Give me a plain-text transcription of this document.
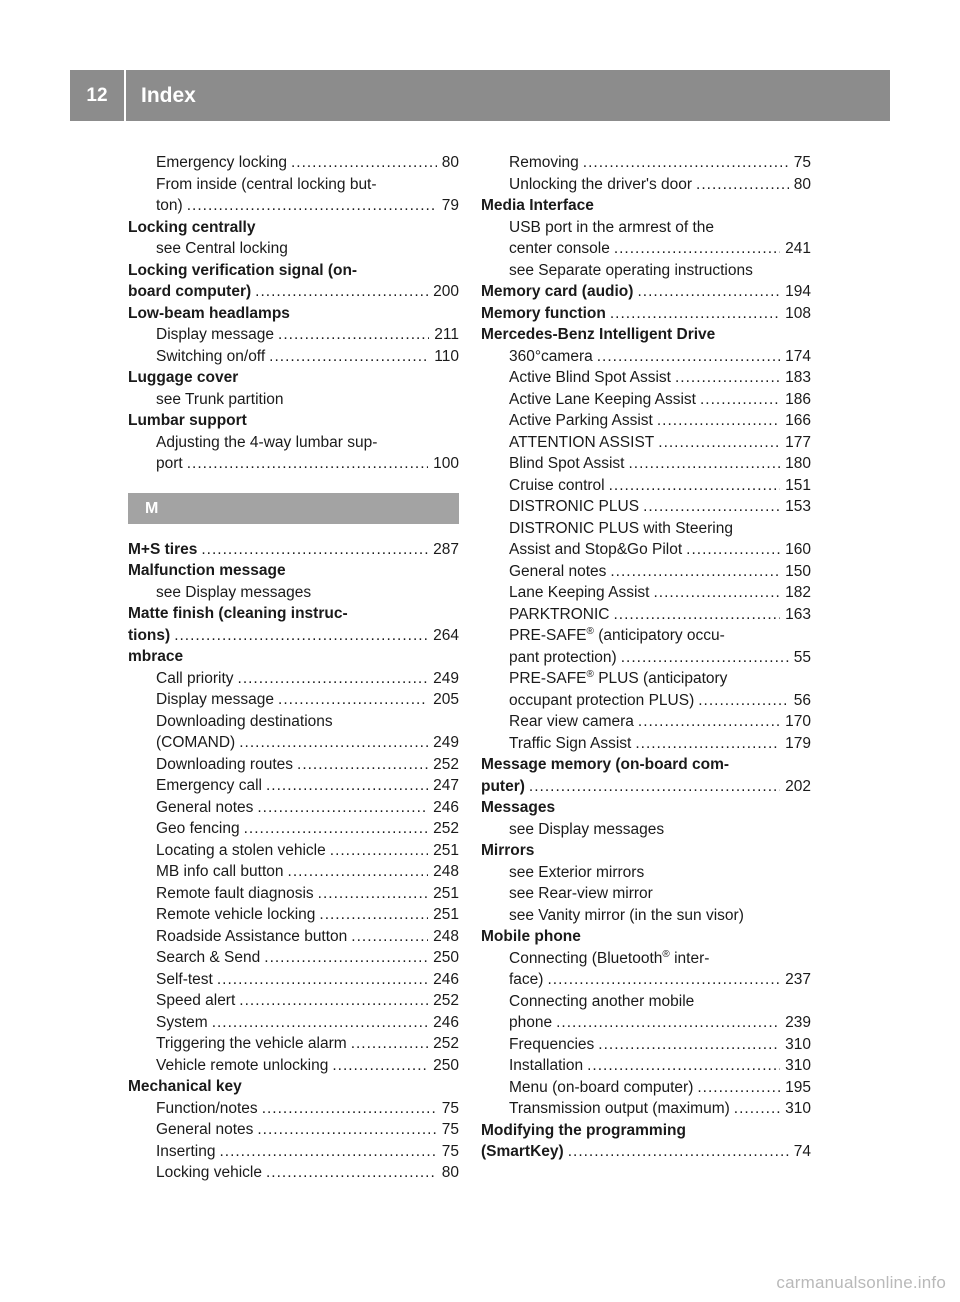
12	Index
Emergency locking .....	80
From inside (central locking but-
ton) .....	79
Locking centrally
see Central locking
Locking verification signal (on-
board computer) .....	200
Low-beam headlamps
Display message .....	211
Switching on/off .....	110
Luggage cover
see Trunk partition
Lumbar support
Adjusting the 4-way lumbar sup-
port .....	100
M
M+S tires .....	287
Malfunction message
see Display messages
Matte finish (cleaning instruc-
tions) .....	264
mbrace
Call priority .....	249
Display message .....	205
Downloading destinations
(COMAND) .....	249
Downloading routes .....	252
Emergency call .....	247
General notes .....	246
Geo fencing .....	252
Locating a stolen vehicle .....	251
MB info call button .....	248
Remote fault diagnosis .....	251
Remote vehicle locking .....	251
Roadside Assistance button .....	248
Search & Send .....	250
Self-test .....	246
Speed alert .....	252
System .....	246
Triggering the vehicle alarm .....	252
Vehicle remote unlocking .....	250
Mechanical key
Function/notes .....	75
General notes .....	75
Inserting .....	75
Locking vehicle .....	80
Removing .....	75
Unlocking the driver's door .....	80
Media Interface
USB port in the armrest of the
center console .....	241
see Separate operating instructions
Memory card (audio) .....	194
Memory function .....	108
Mercedes-Benz Intelligent Drive
360°camera .....	174
Active Blind Spot Assist .....	183
Active Lane Keeping Assist .....	186
Active Parking Assist .....	166
ATTENTION ASSIST .....	177
Blind Spot Assist .....	180
Cruise control .....	151
DISTRONIC PLUS .....	153
DISTRONIC PLUS with Steering
Assist and Stop&Go Pilot .....	160
General notes .....	150
Lane Keeping Assist .....	182
PARKTRONIC .....	163
PRE-SAFE® (anticipatory occu-
pant protection) .....	55
PRE-SAFE® PLUS (anticipatory
occupant protection PLUS) .....	56
Rear view camera .....	170
Traffic Sign Assist .....	179
Message memory (on-board com-
puter) .....	202
Messages
see Display messages
Mirrors
see Exterior mirrors
see Rear-view mirror
see Vanity mirror (in the sun visor)
Mobile phone
Connecting (Bluetooth® inter-
face) .....	237
Connecting another mobile
phone .....	239
Frequencies .....	310
Installation .....	310
Menu (on-board computer) .....	195
Transmission output (maximum) .....	310
Modifying the programming
(SmartKey) .....	74
carmanualsonline.info
